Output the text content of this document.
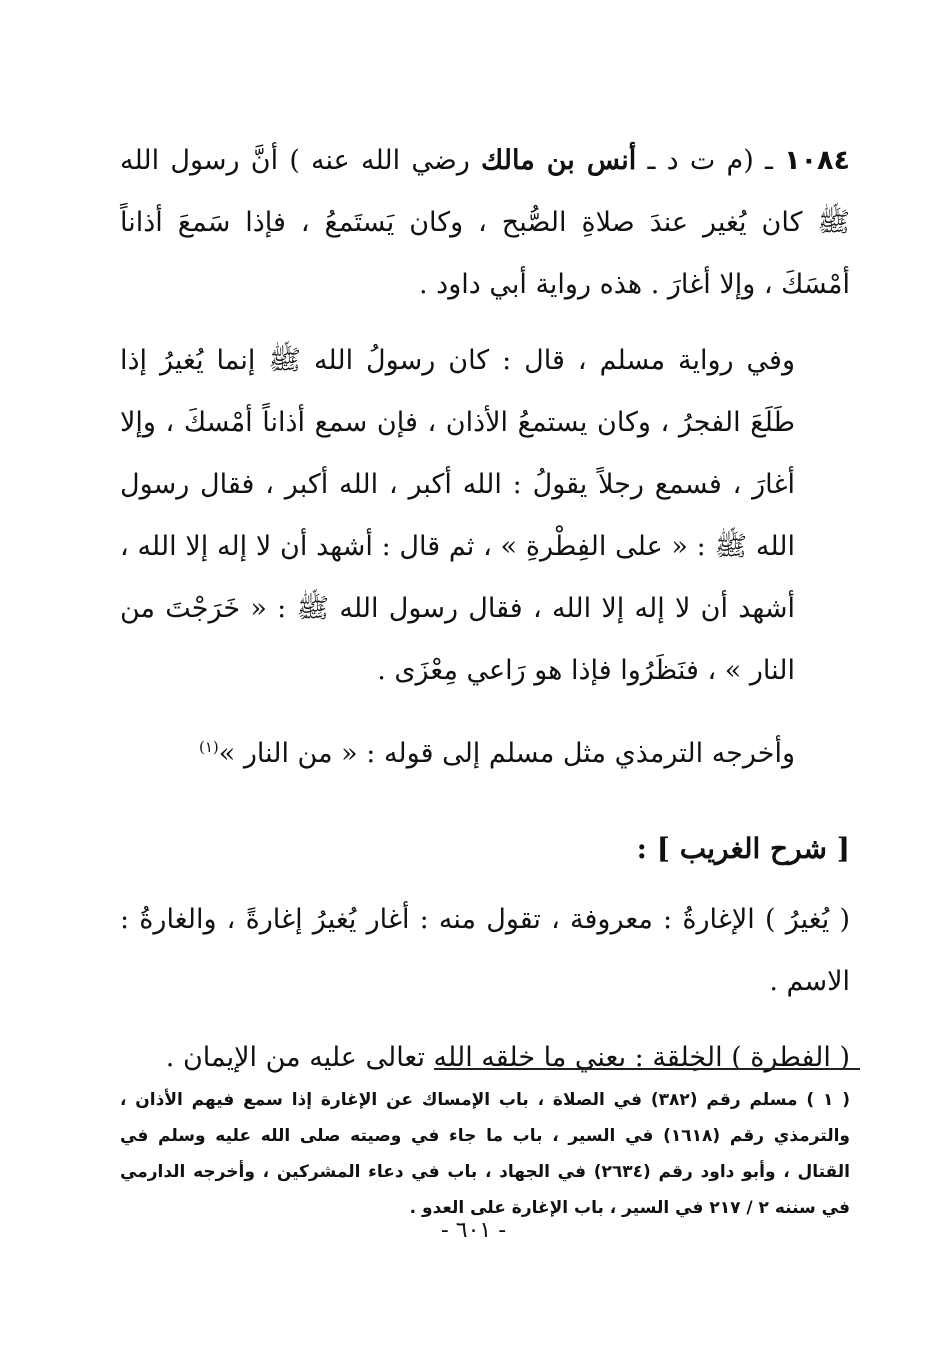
١٠٨٤ ـ (م ت د ـ أنس بن مالك رضي الله عنه ) أنَّ رسول الله ﷺ كان يُغير عندَ صلاةِ الصُّبح ، وكان يَستَمعُ ، فإذا سَمعَ أذاناً أمْسَكَ ، وإلا أغارَ . هذه رواية أبي داود .

وفي رواية مسلم ، قال : كان رسولُ الله ﷺ إنما يُغيرُ إذا طَلَعَ الفجرُ ، وكان يستمعُ الأذان ، فإن سمع أذاناً أمْسكَ ، وإلا أغارَ ، فسمع رجلاً يقولُ : الله أكبر ، الله أكبر ، فقال رسول الله ﷺ : « على الفِطْرةِ » ، ثم قال : أشهد أن لا إله إلا الله ، أشهد أن لا إله إلا الله ، فقال رسول الله ﷺ : « خَرَجْتَ من النار » ، فنَظَرُوا فإذا هو رَاعي مِعْزَى .

وأخرجه الترمذي مثل مسلم إلى قوله : « من النار »$^{(١)}$

[ شرح الغريب ] :

( يُغيرُ ) الإغارةُ : معروفة ، تقول منه : أغار يُغيرُ إغارةً ، والغارةُ : الاسم .

( الفطرة ) الخِلقة : يعني ما خلقه الله تعالى عليه من الإيمان .

( ١ ) مسلم رقم (٣٨٢) في الصلاة ، باب الإمساك عن الإغارة إذا سمع فيهم الأذان ، والترمذي رقم (١٦١٨) في السير ، باب ما جاء في وصيته صلى الله عليه وسلم في القتال ، وأبو داود رقم (٢٦٣٤) في الجهاد ، باب في دعاء المشركين ، وأخرجه الدارمي في سننه ٢ / ٢١٧ في السير ، باب الإغارة على العدو .
- ٦٠١ -
